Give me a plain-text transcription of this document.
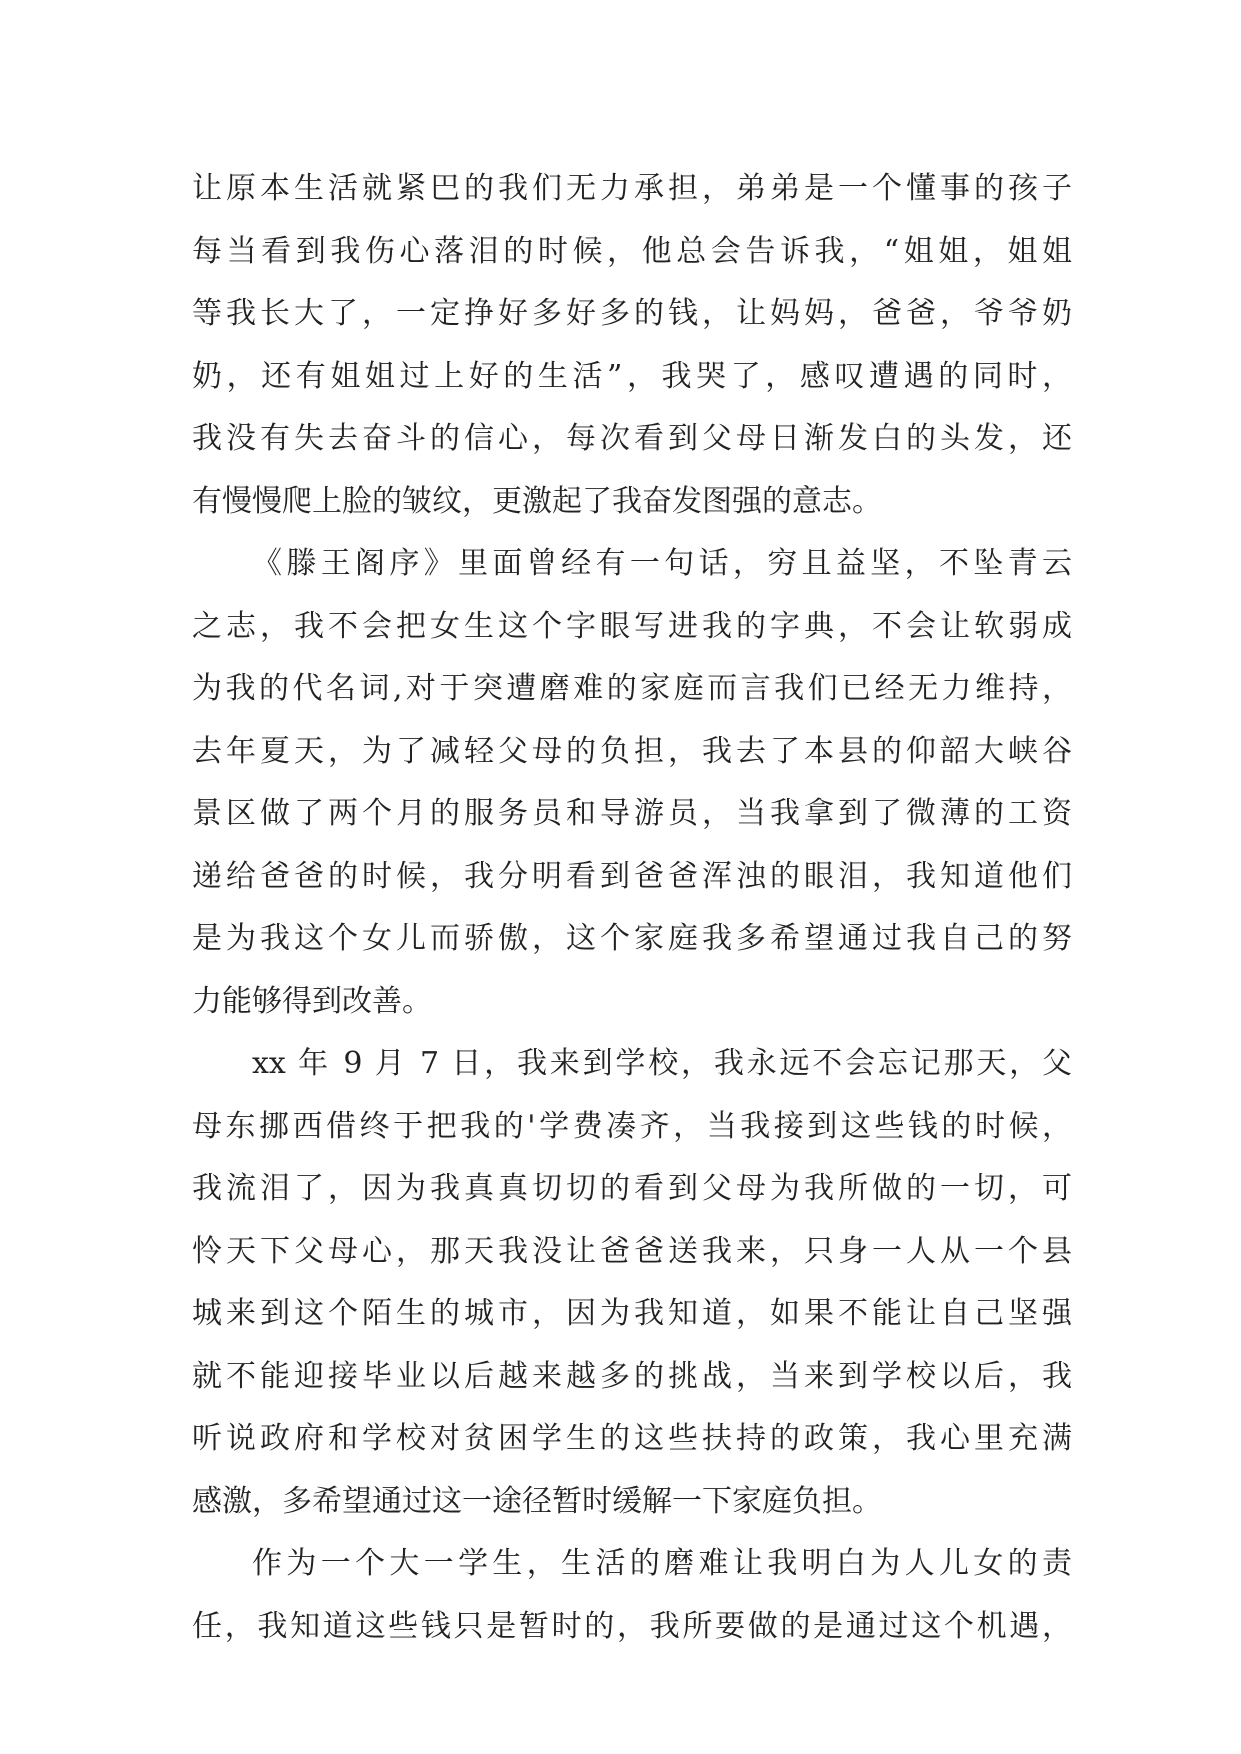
让原本生活就紧巴的我们无力承担，弟弟是一个懂事的孩子
每当看到我伤心落泪的时候，他总会告诉我，“姐姐，姐姐
等我长大了，一定挣好多好多的钱，让妈妈，爸爸，爷爷奶
奶，还有姐姐过上好的生活”，我哭了，感叹遭遇的同时，
我没有失去奋斗的信心，每次看到父母日渐发白的头发，还
有慢慢爬上脸的皱纹，更激起了我奋发图强的意志。
《滕王阁序》里面曾经有一句话，穷且益坚，不坠青云
之志，我不会把女生这个字眼写进我的字典，不会让软弱成
为我的代名词,对于突遭磨难的家庭而言我们已经无力维持，
去年夏天，为了减轻父母的负担，我去了本县的仰韶大峡谷
景区做了两个月的服务员和导游员，当我拿到了微薄的工资
递给爸爸的时候，我分明看到爸爸浑浊的眼泪，我知道他们
是为我这个女儿而骄傲，这个家庭我多希望通过我自己的努
力能够得到改善。
xx 年 9 月 7 日，我来到学校，我永远不会忘记那天，父
母东挪西借终于把我的'学费凑齐，当我接到这些钱的时候，
我流泪了，因为我真真切切的看到父母为我所做的一切，可
怜天下父母心，那天我没让爸爸送我来，只身一人从一个县
城来到这个陌生的城市，因为我知道，如果不能让自己坚强
就不能迎接毕业以后越来越多的挑战，当来到学校以后，我
听说政府和学校对贫困学生的这些扶持的政策，我心里充满
感激，多希望通过这一途径暂时缓解一下家庭负担。
作为一个大一学生，生活的磨难让我明白为人儿女的责
任，我知道这些钱只是暂时的，我所要做的是通过这个机遇，
